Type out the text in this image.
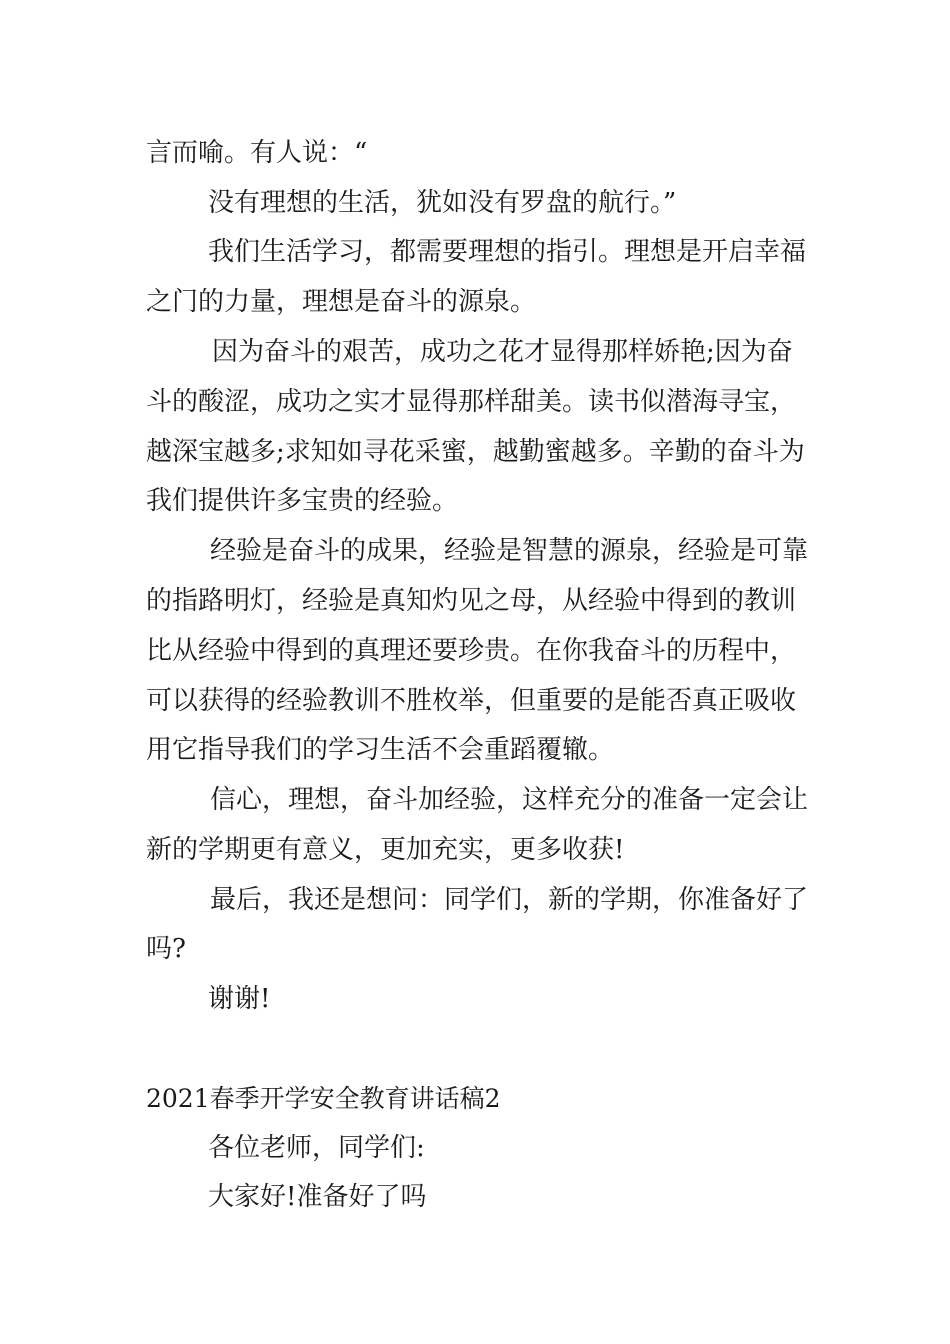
言而喻。有人说：“
没有理想的生活，犹如没有罗盘的航行。”
我们生活学习，都需要理想的指引。理想是开启幸福
之门的力量，理想是奋斗的源泉。
因为奋斗的艰苦，成功之花才显得那样娇艳;因为奋
斗的酸涩，成功之实才显得那样甜美。读书似潜海寻宝，
越深宝越多;求知如寻花采蜜，越勤蜜越多。辛勤的奋斗为
我们提供许多宝贵的经验。
经验是奋斗的成果，经验是智慧的源泉，经验是可靠
的指路明灯，经验是真知灼见之母，从经验中得到的教训
比从经验中得到的真理还要珍贵。在你我奋斗的历程中，
可以获得的经验教训不胜枚举，但重要的是能否真正吸收
用它指导我们的学习生活不会重蹈覆辙。
信心，理想，奋斗加经验，这样充分的准备一定会让
新的学期更有意义，更加充实，更多收获!
最后，我还是想问：同学们，新的学期，你准备好了
吗?
谢谢!
2021春季开学安全教育讲话稿2
各位老师，同学们:
大家好!准备好了吗
